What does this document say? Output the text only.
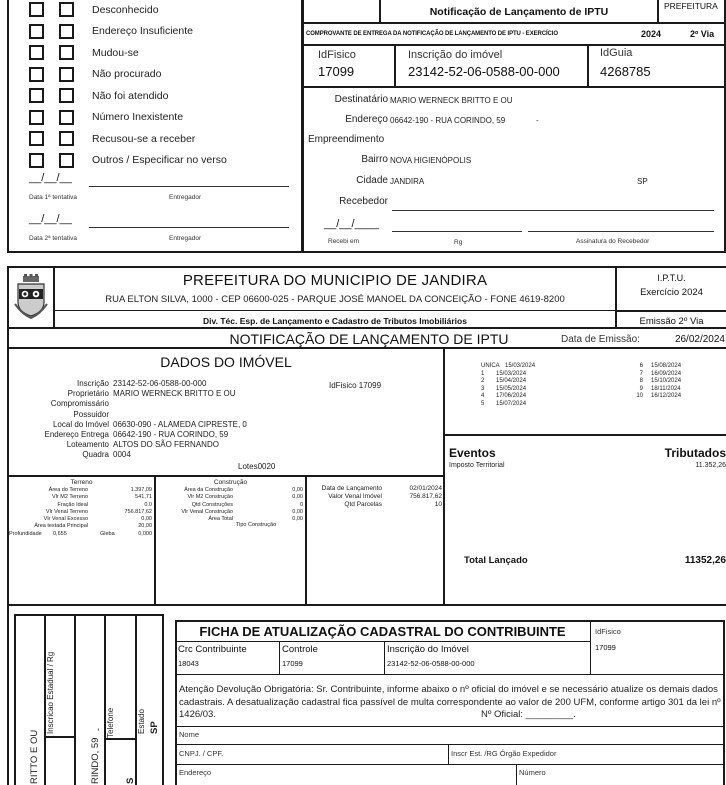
Desconhecido
Endereço Insuficiente
Mudou-se
Não procurado
Não foi atendido
Número Inexistente
Recusou-se a receber
Outros / Especificar no verso
__/__/__
Data 1ª tentativa	Entregador
__/__/__
Data 2ª tentativa	Entregador
Notificação de Lançamento de IPTU	PREFEITURA
COMPROVANTE DE ENTREGA DA NOTIFICAÇÃO DE LANÇAMENTO DE IPTU - EXERCÍCIO	2024	2º Via
IdFisico
17099
Inscrição do imóvel
23142-52-06-0588-00-000
IdGuia
4268785
Destinatário MARIO WERNECK BRITTO E OU
Endereço 06642-190 - RUA CORINDO, 59	-
Empreendimento
Bairro NOVA HIGIENÓPOLIS
Cidade JANDIRA	SP
Recebedor
__/__/____
Recebi em	Rg	Assinatura do Recebedor
PREFEITURA DO MUNICIPIO DE JANDIRA
RUA ELTON SILVA, 1000 - CEP 06600-025 - PARQUE JOSÉ MANOEL DA CONCEIÇÃO - FONE 4619-8200
Div. Téc. Esp. de Lançamento e Cadastro de Tributos Imobiliários
I.P.T.U.
Exercício 2024
Emissão 2º Via
NOTIFICAÇÃO DE LANÇAMENTO DE IPTU	Data de Emissão:	26/02/2024
DADOS DO IMÓVEL
Inscrição 23142-52-06-0588-00-000
Proprietário MARIO WERNECK BRITTO E OU
Compromissário
Possuidor
Local do Imóvel 06630-090 - ALAMEDA CIPRESTE, 0
Endereço Entrega 06642-190 - RUA CORINDO, 59
Loteamento ALTOS DO SÃO FERNANDO
Quadra 0004
IdFisico 17099
Lotes0020
Terreno
Área do Terreno	1.397,09
Vlr M2 Terreno	541,71
Fração Ideal	0.0
Vlr Venal Terreno	756.817,62
Vlr Venal Excesso	0,00
Área testada Principal	20,00
Profundidade 0,655	Gleba	0,000
Construção
Área da Construção	0,00
Vlr M2 Construção	0,00
Qtd Construções	0
Vlr Venal Construção	0,00
Área Total	0,00
Tipo Construção
Data de Lançamento	02/01/2024
Valor Venal Imóvel	756.817,62
Qtd Parcelas	10
UNICA 15/03/2024
1	15/03/2024
2	15/04/2024
3	15/05/2024
4	17/06/2024
5	15/07/2024
6	15/08/2024
7	16/09/2024
8	15/10/2024
9	18/11/2024
10	16/12/2024
Eventos	Tributados
Imposto Territorial	11.352,26
Total Lançado	11352,26
RITTO E OU
Inscricao Estadual / Rg
RINDO, 59
- Telefone
S
Estado SP
FICHA DE ATUALIZAÇÃO CADASTRAL DO CONTRIBUINTE	IdFisico
17099
Crc Contribuinte
18043
Controle
17099
Inscrição do Imóvel
23142-52-06-0588-00-000
Atenção Devolução Obrigatória: Sr. Contribuinte, informe abaixo o nº oficial do imóvel e se necessário atualize os demais dados cadastrais. A desatualização cadastral fica passível de multa correspondente ao valor de 200 UFM, conforme artigo 301 da lei nº 1426/03.	Nº Oficial: _________.
Nome
CNPJ. / CPF.	Inscr Est. /RG Órgão Expedidor
Endereço	Número
